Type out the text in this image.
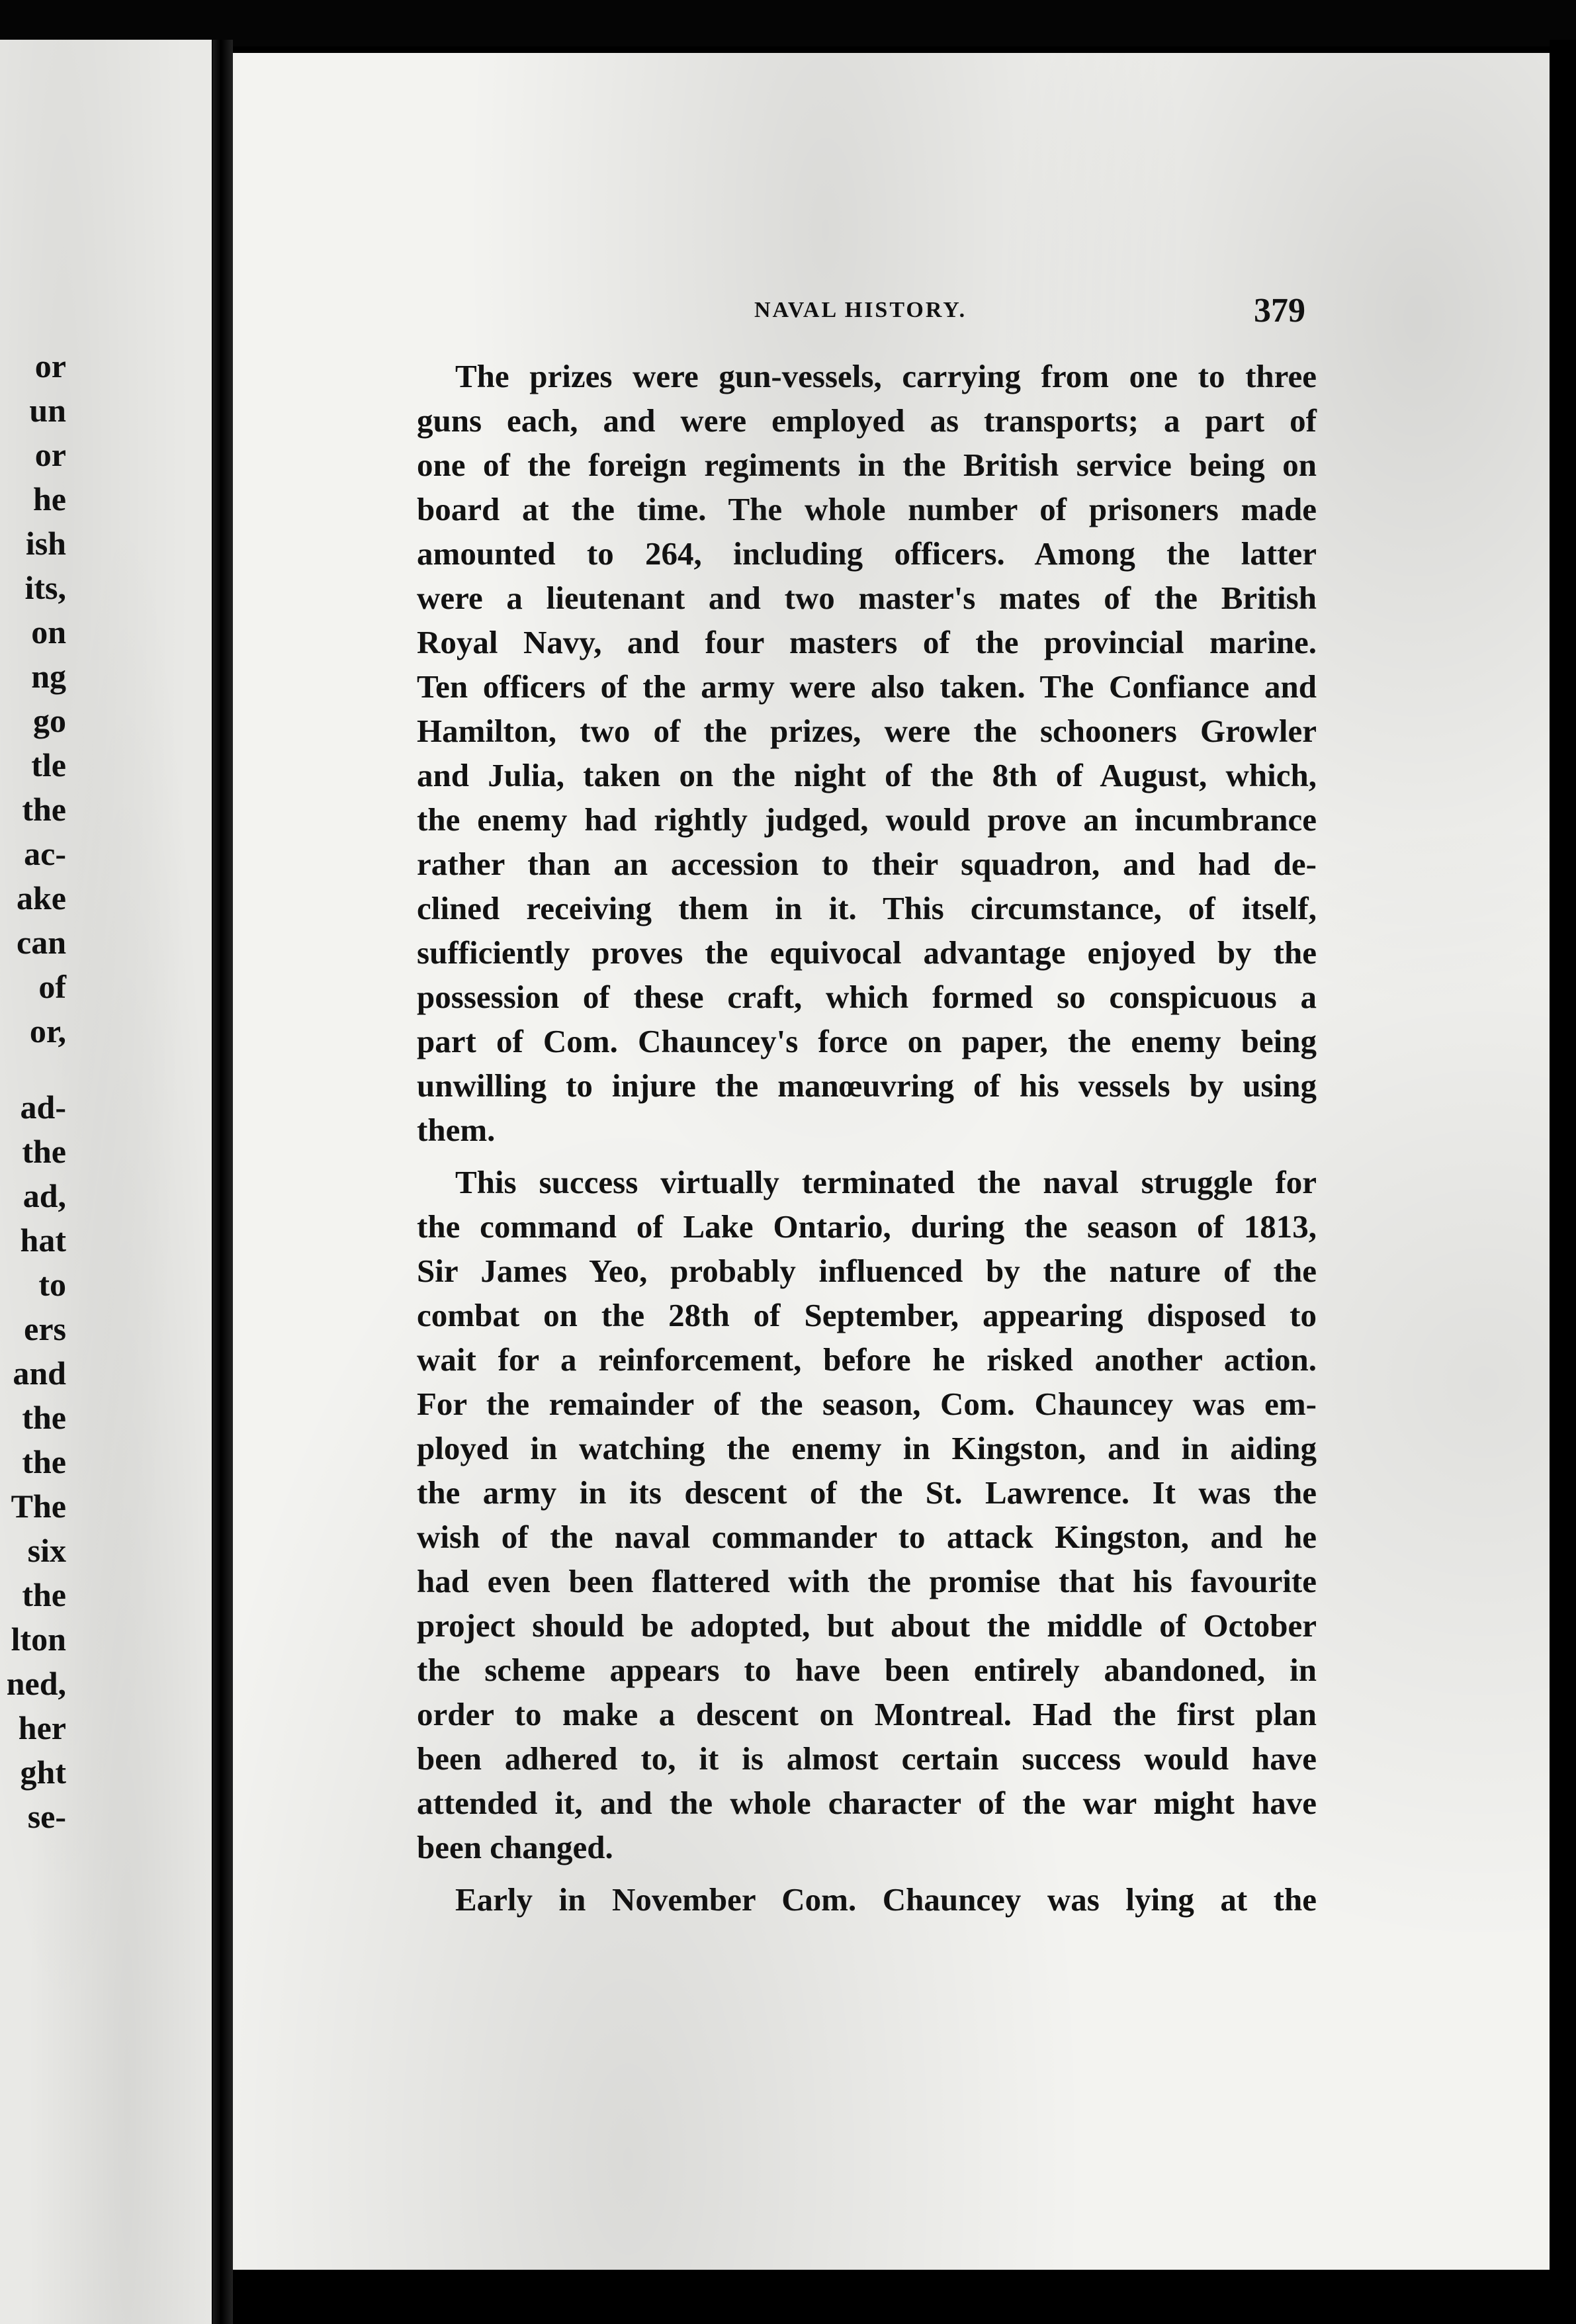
or
un
or
he
ish
its,
on
ng
go
tle
the
ac-
ake
can
of
or,
ad-
the
ad,
hat
to
ers
and
the
the
The
six
the
lton
ned,
her
ght
se-
NAVAL HISTORY.	379

The prizes were gun-vessels, carrying from one to three
guns each, and were employed as transports; a part of
one of the foreign regiments in the British service being on
board at the time. The whole number of prisoners made
amounted to 264, including officers. Among the latter
were a lieutenant and two master's mates of the British
Royal Navy, and four masters of the provincial marine.
Ten officers of the army were also taken. The Confiance and
Hamilton, two of the prizes, were the schooners Growler
and Julia, taken on the night of the 8th of August, which,
the enemy had rightly judged, would prove an incumbrance
rather than an accession to their squadron, and had de-
clined receiving them in it. This circumstance, of itself,
sufficiently proves the equivocal advantage enjoyed by the
possession of these craft, which formed so conspicuous a
part of Com. Chauncey's force on paper, the enemy being
unwilling to injure the manœuvring of his vessels by using
them.

This success virtually terminated the naval struggle for
the command of Lake Ontario, during the season of 1813,
Sir James Yeo, probably influenced by the nature of the
combat on the 28th of September, appearing disposed to
wait for a reinforcement, before he risked another action.
For the remainder of the season, Com. Chauncey was em-
ployed in watching the enemy in Kingston, and in aiding
the army in its descent of the St. Lawrence. It was the
wish of the naval commander to attack Kingston, and he
had even been flattered with the promise that his favourite
project should be adopted, but about the middle of October
the scheme appears to have been entirely abandoned, in
order to make a descent on Montreal. Had the first plan
been adhered to, it is almost certain success would have
attended it, and the whole character of the war might have
been changed.

Early in November Com. Chauncey was lying at the
